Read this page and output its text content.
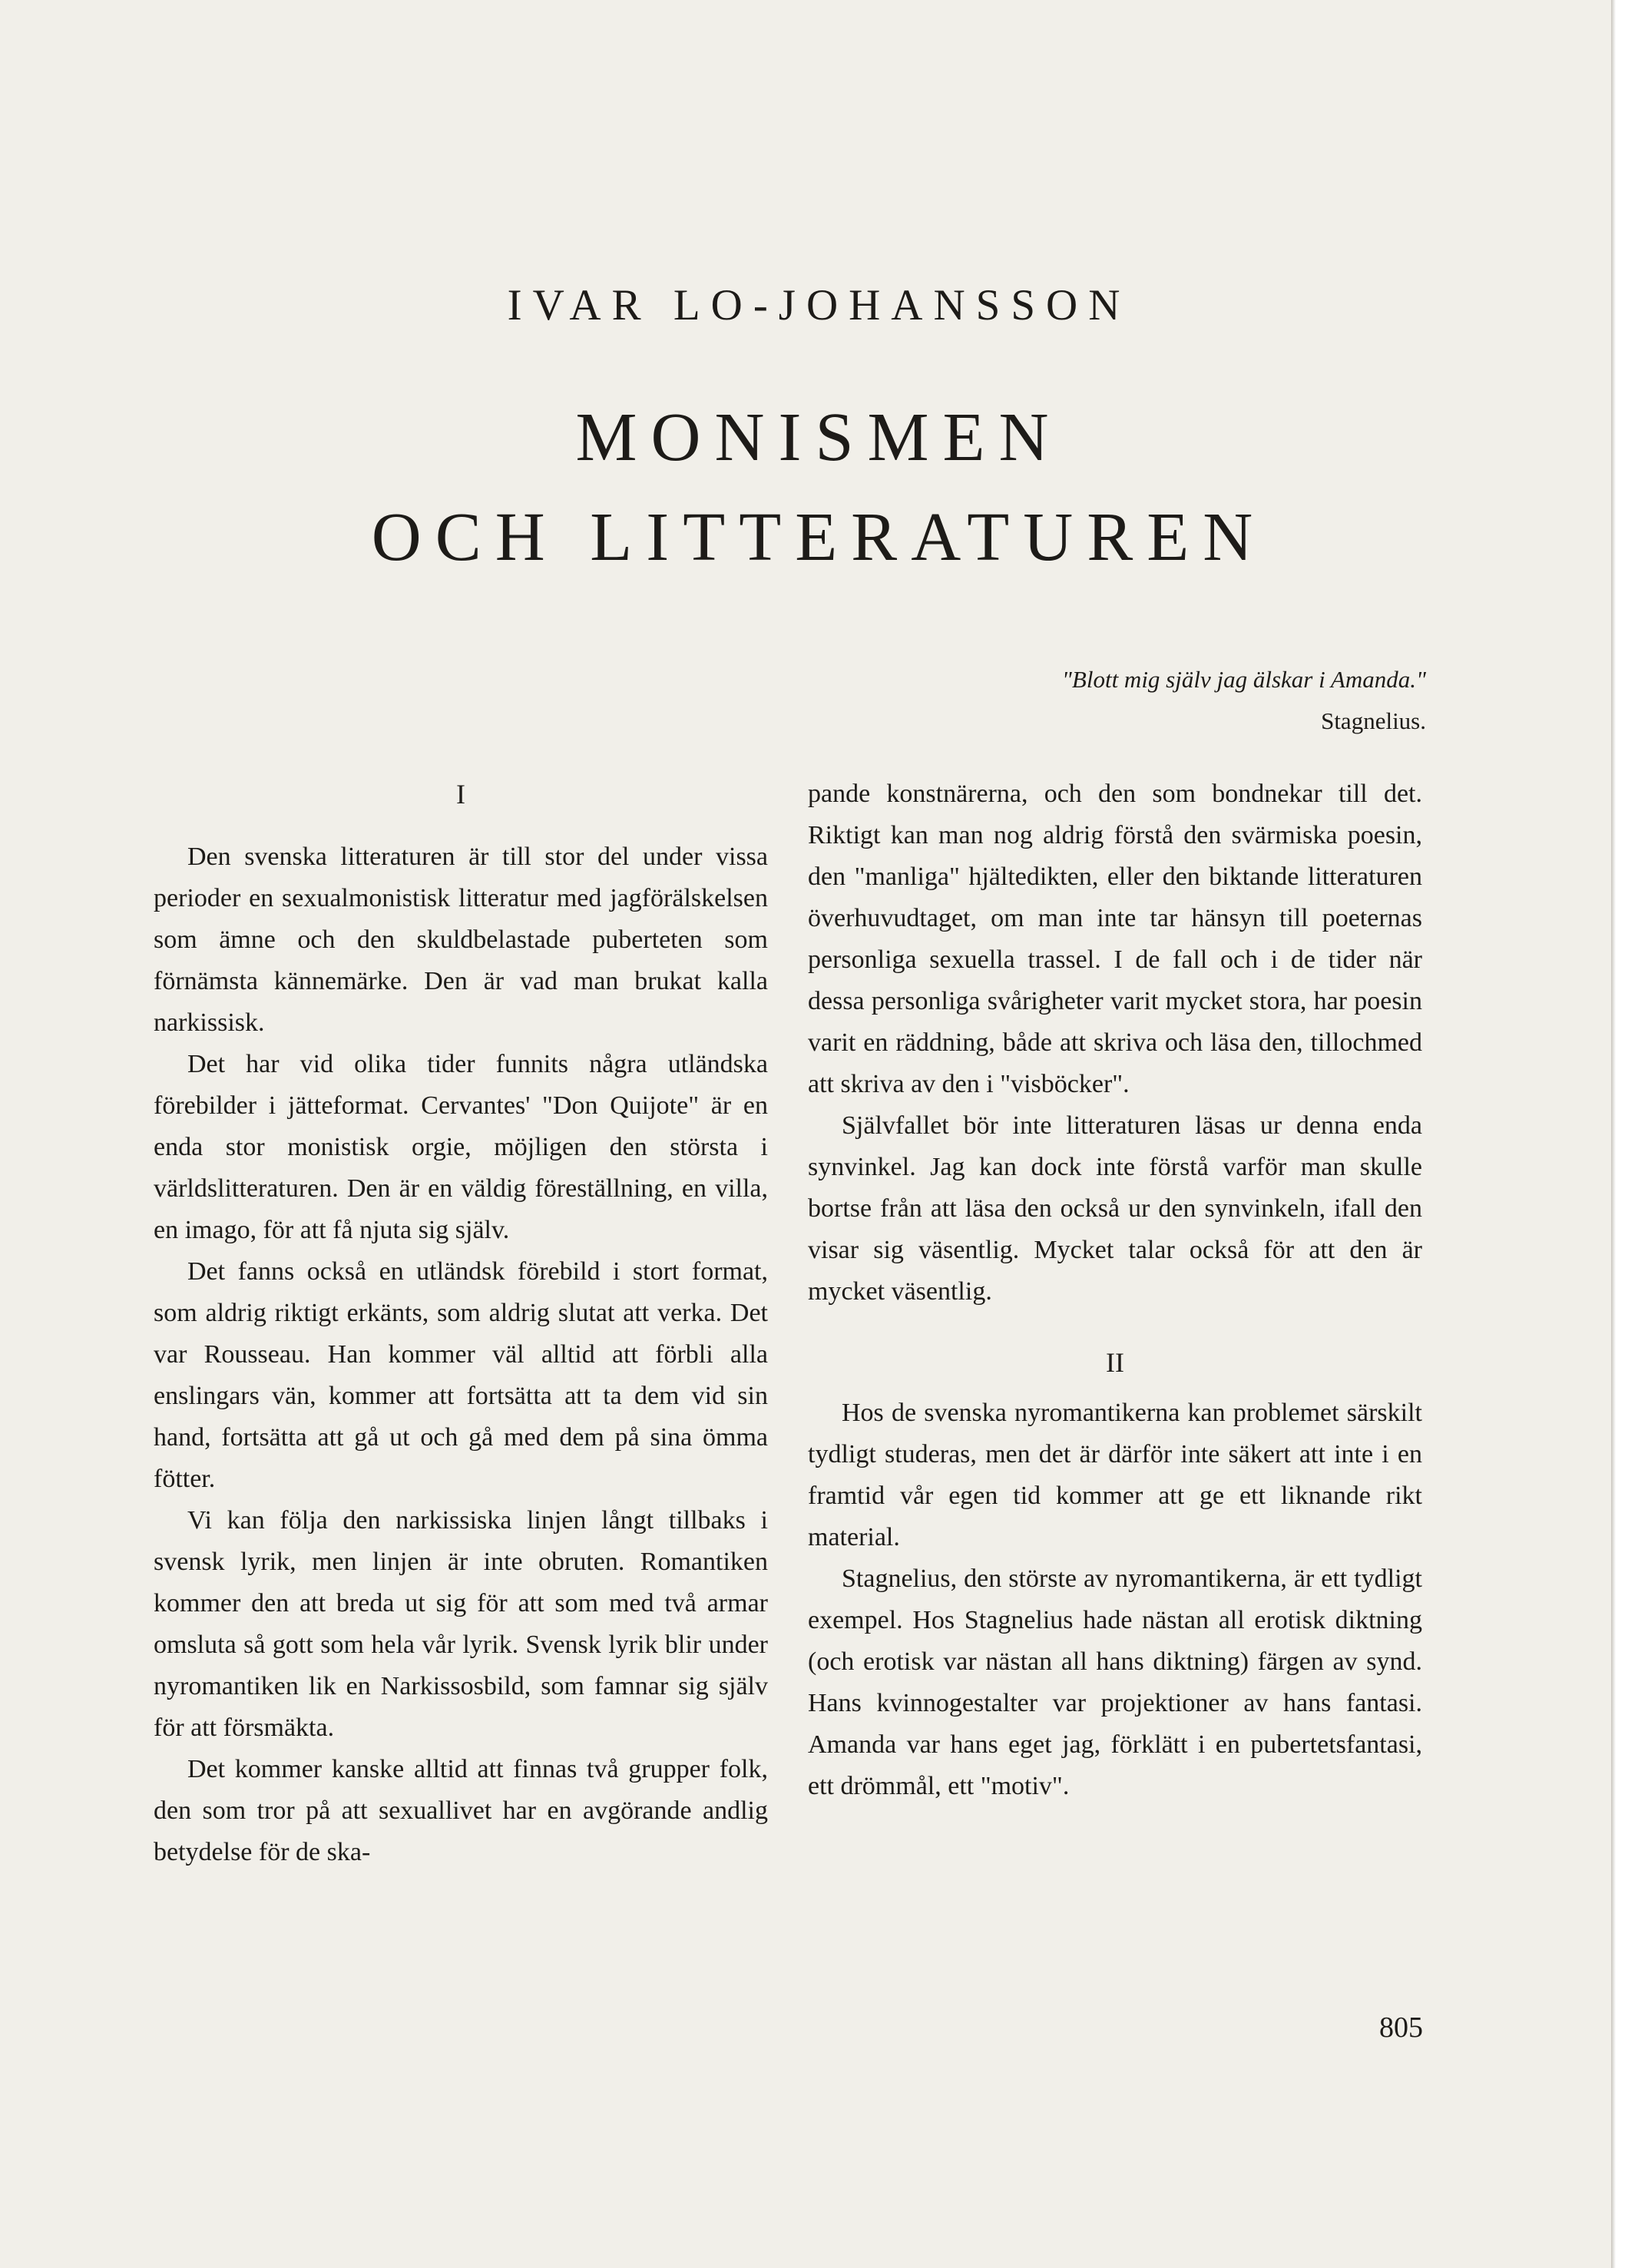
IVAR LO-JOHANSSON
MONISMEN
OCH LITTERATUREN
"Blott mig själv jag älskar i Amanda."
Stagnelius.
I

Den svenska litteraturen är till stor del under vissa perioder en sexualmonistisk litteratur med jagförälskelsen som ämne och den skuldbelastade puberteten som förnämsta kännemärke. Den är vad man brukat kalla narkissisk.

Det har vid olika tider funnits några utländska förebilder i jätteformat. Cervantes' "Don Quijote" är en enda stor monistisk orgie, möjligen den största i världslitteraturen. Den är en väldig föreställning, en villa, en imago, för att få njuta sig själv.

Det fanns också en utländsk förebild i stort format, som aldrig riktigt erkänts, som aldrig slutat att verka. Det var Rousseau. Han kommer väl alltid att förbli alla enslingars vän, kommer att fortsätta att ta dem vid sin hand, fortsätta att gå ut och gå med dem på sina ömma fötter.

Vi kan följa den narkissiska linjen långt tillbaks i svensk lyrik, men linjen är inte obruten. Romantiken kommer den att breda ut sig för att som med två armar omsluta så gott som hela vår lyrik. Svensk lyrik blir under nyromantiken lik en Narkissosbild, som famnar sig själv för att försmäkta.

Det kommer kanske alltid att finnas två grupper folk, den som tror på att sexuallivet har en avgörande andlig betydelse för de ska-

pande konstnärerna, och den som bondnekar till det. Riktigt kan man nog aldrig förstå den svärmiska poesin, den "manliga" hjältedikten, eller den biktande litteraturen överhuvudtaget, om man inte tar hänsyn till poeternas personliga sexuella trassel. I de fall och i de tider när dessa personliga svårigheter varit mycket stora, har poesin varit en räddning, både att skriva och läsa den, tillochmed att skriva av den i "visböcker".

Självfallet bör inte litteraturen läsas ur denna enda synvinkel. Jag kan dock inte förstå varför man skulle bortse från att läsa den också ur den synvinkeln, ifall den visar sig väsentlig. Mycket talar också för att den är mycket väsentlig.

II

Hos de svenska nyromantikerna kan problemet särskilt tydligt studeras, men det är därför inte säkert att inte i en framtid vår egen tid kommer att ge ett liknande rikt material.

Stagnelius, den störste av nyromantikerna, är ett tydligt exempel. Hos Stagnelius hade nästan all erotisk diktning (och erotisk var nästan all hans diktning) färgen av synd. Hans kvinnogestalter var projektioner av hans fantasi. Amanda var hans eget jag, förklätt i en pubertetsfantasi, ett drömmål, ett "motiv".

805
